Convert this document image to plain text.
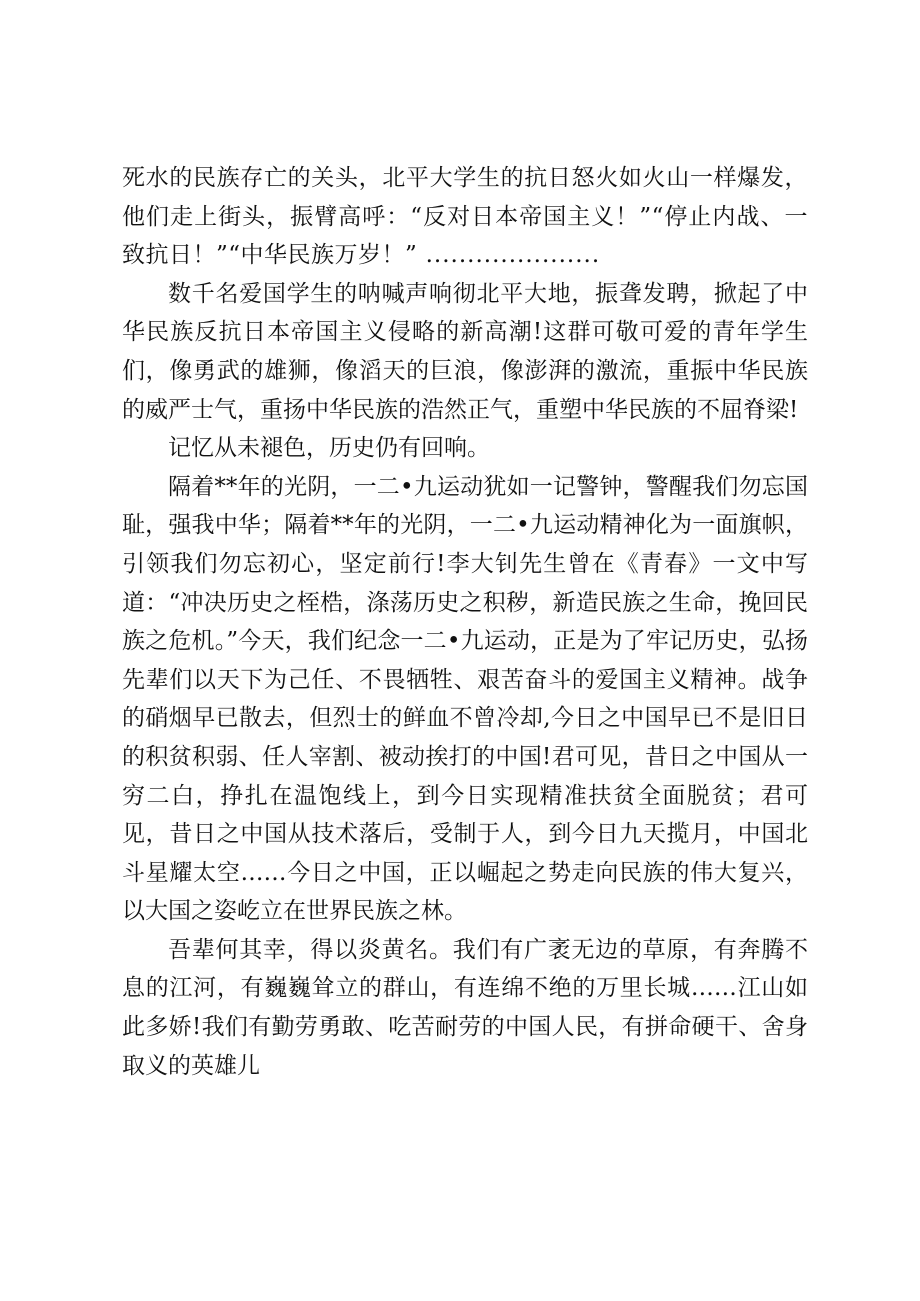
死水的民族存亡的关头，北平大学生的抗日怒火如火山一样爆发，他们走上街头，振臂高呼：“反对日本帝国主义！”“停止内战、一致抗日！”“中华民族万岁！” .....................

数千名爱国学生的呐喊声响彻北平大地，振聋发聘，掀起了中华民族反抗日本帝国主义侵略的新高潮!这群可敬可爱的青年学生们，像勇武的雄狮，像滔天的巨浪，像澎湃的激流，重振中华民族的威严士气，重扬中华民族的浩然正气，重塑中华民族的不屈脊梁!

记忆从未褪色，历史仍有回响。

隔着**年的光阴，一二•九运动犹如一记警钟，警醒我们勿忘国耻，强我中华；隔着**年的光阴，一二•九运动精神化为一面旗帜，引领我们勿忘初心，坚定前行!李大钊先生曾在《青春》一文中写道：“冲决历史之桎梏，涤荡历史之积秽，新造民族之生命，挽回民族之危机。”今天，我们纪念一二•九运动，正是为了牢记历史，弘扬先辈们以天下为己任、不畏牺牲、艰苦奋斗的爱国主义精神。战争的硝烟早已散去，但烈士的鲜血不曾冷却,今日之中国早已不是旧日的积贫积弱、任人宰割、被动挨打的中国!君可见，昔日之中国从一穷二白，挣扎在温饱线上，到今日实现精准扶贫全面脱贫；君可见，昔日之中国从技术落后，受制于人，到今日九天揽月，中国北斗星耀太空……今日之中国，正以崛起之势走向民族的伟大复兴，以大国之姿屹立在世界民族之林。

吾辈何其幸，得以炎黄名。我们有广袤无边的草原，有奔腾不息的江河，有巍巍耸立的群山，有连绵不绝的万里长城……江山如此多娇!我们有勤劳勇敢、吃苦耐劳的中国人民，有拼命硬干、舍身取义的英雄儿
